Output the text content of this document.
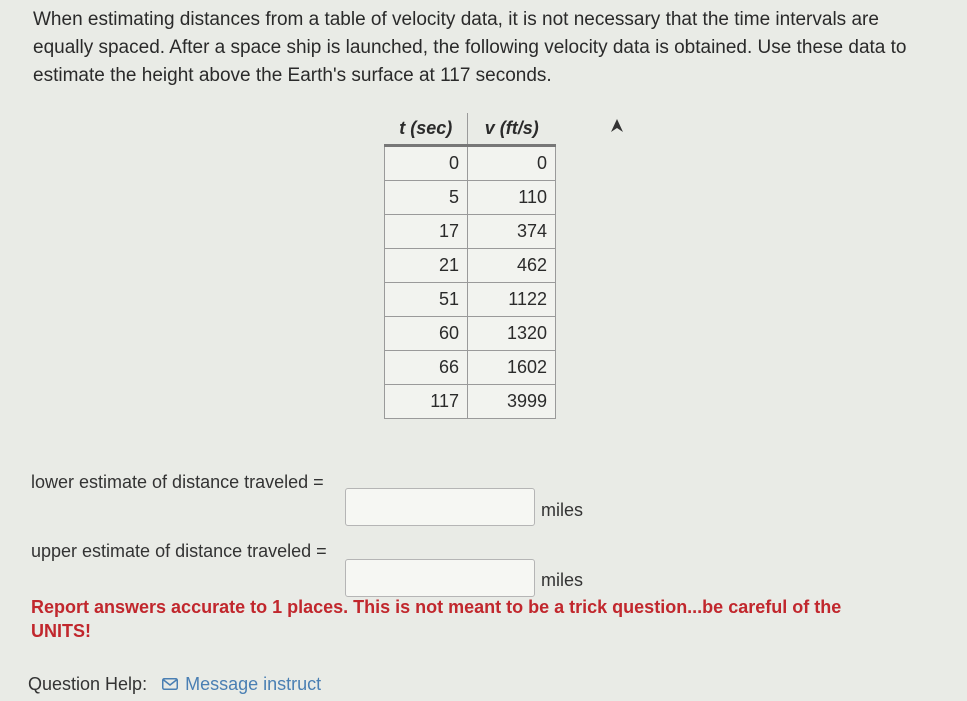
When estimating distances from a table of velocity data, it is not necessary that the time intervals are equally spaced. After a space ship is launched, the following velocity data is obtained. Use these data to estimate the height above the Earth's surface at 117 seconds.
t (sec)	v (ft/s)
0	0
5	110
17	374
21	462
51	1122
60	1320
66	1602
117	3999
lower estimate of distance traveled =
miles
upper estimate of distance traveled =
miles
Report answers accurate to 1 places. This is not meant to be a trick question...be careful of the UNITS!
Question Help: Message instruct
